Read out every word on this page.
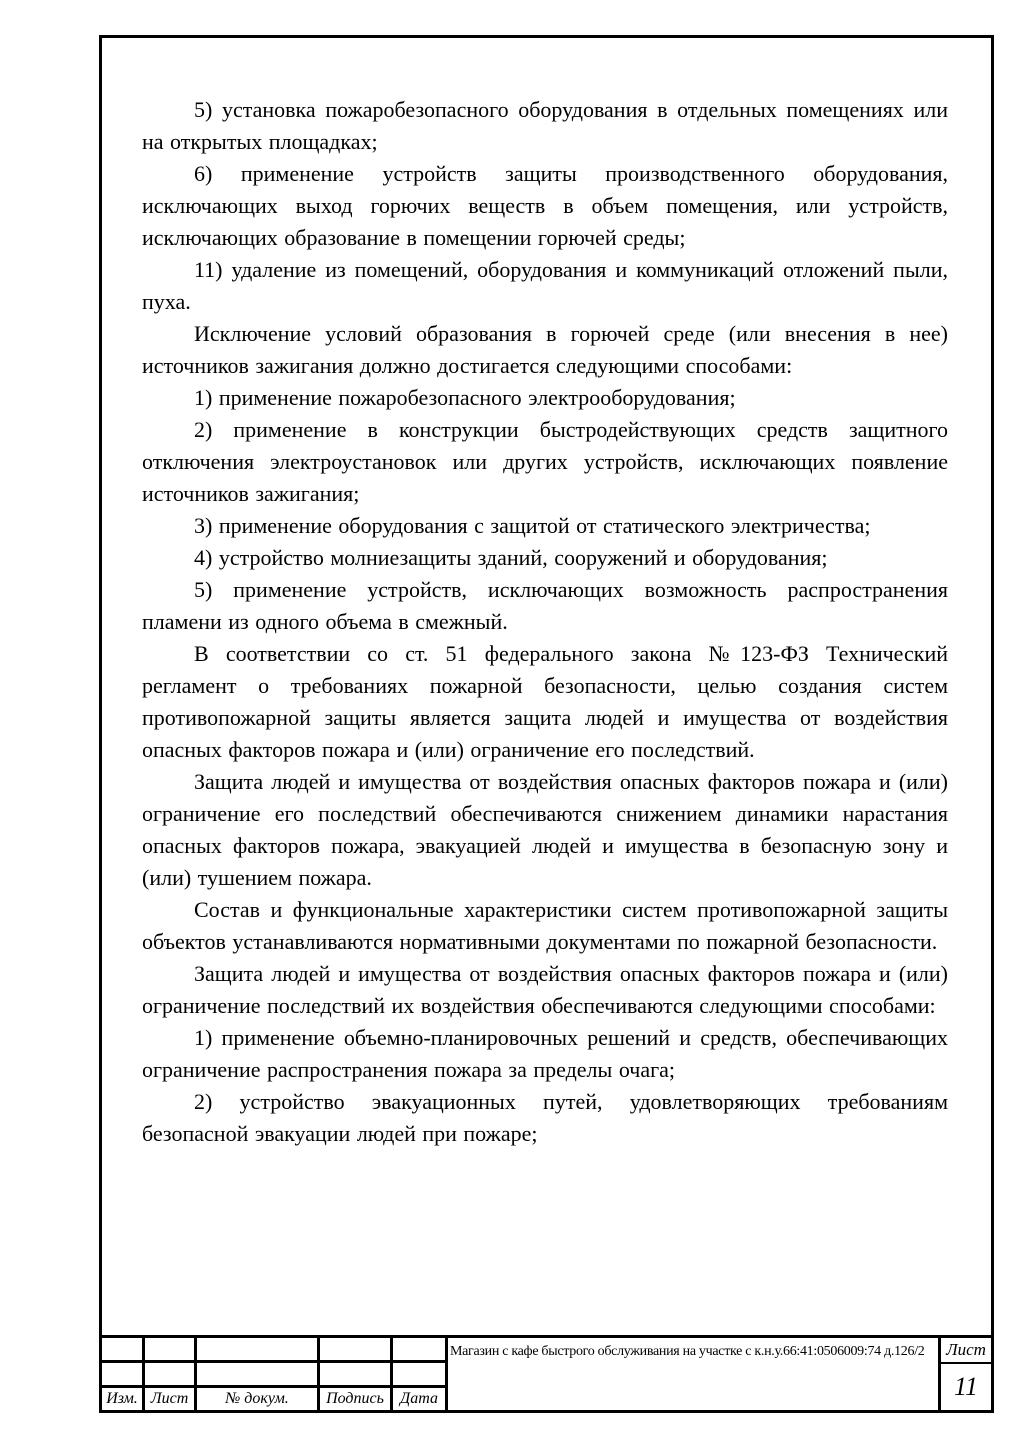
5) установка пожаробезопасного оборудования в отдельных помещениях или на открытых площадках;

6) применение устройств защиты производственного оборудования, исключающих выход горючих веществ в объем помещения, или устройств, исключающих образование в помещении горючей среды;

11) удаление из помещений, оборудования и коммуникаций отложений пыли, пуха.

Исключение условий образования в горючей среде (или внесения в нее) источников зажигания должно достигается следующими способами:

1) применение пожаробезопасного электрооборудования;

2) применение в конструкции быстродействующих средств защитного отключения электроустановок или других устройств, исключающих появление источников зажигания;

3) применение оборудования с защитой от статического электричества;

4) устройство молниезащиты зданий, сооружений и оборудования;

5) применение устройств, исключающих возможность распространения пламени из одного объема в смежный.

В соответствии со ст. 51 федерального закона №123-ФЗ Технический регламент о требованиях пожарной безопасности, целью создания систем противопожарной защиты является защита людей и имущества от воздействия опасных факторов пожара и (или) ограничение его последствий.

Защита людей и имущества от воздействия опасных факторов пожара и (или) ограничение его последствий обеспечиваются снижением динамики нарастания опасных факторов пожара, эвакуацией людей и имущества в безопасную зону и (или) тушением пожара.

Состав и функциональные характеристики систем противопожарной защиты объектов устанавливаются нормативными документами по пожарной безопасности.

Защита людей и имущества от воздействия опасных факторов пожара и (или) ограничение последствий их воздействия обеспечиваются следующими способами:

1) применение объемно-планировочных решений и средств, обеспечивающих ограничение распространения пожара за пределы очага;

2) устройство эвакуационных путей, удовлетворяющих требованиям безопасной эвакуации людей при пожаре;

Изм. Лист	№ докум.	Подпись	Дата
Магазин с кафе быстрого обслуживания на участке с к.н.у.66:41:0506009:74 д.126/2	Лист
11
